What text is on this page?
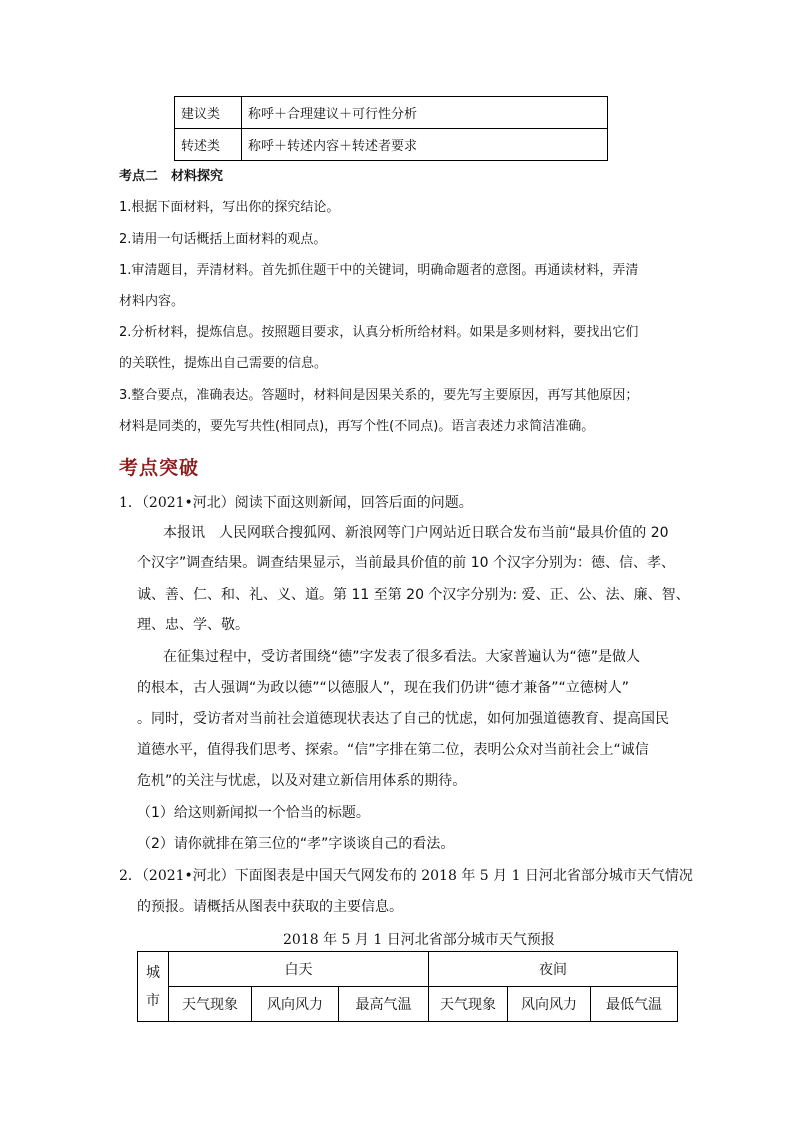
建议类	称呼＋合理建议＋可行性分析
转述类	称呼＋转述内容＋转述者要求
考点二　材料探究
1.根据下面材料，写出你的探究结论。
2.请用一句话概括上面材料的观点。
1.审清题目，弄清材料。首先抓住题干中的关键词，明确命题者的意图。再通读材料，弄清
材料内容。
2.分析材料，提炼信息。按照题目要求，认真分析所给材料。如果是多则材料，要找出它们
的关联性，提炼出自己需要的信息。
3.整合要点，准确表达。答题时，材料间是因果关系的，要先写主要原因，再写其他原因；
材料是同类的，要先写共性(相同点)，再写个性(不同点)。语言表述力求简洁准确。
考点突破
1．（2021•河北）阅读下面这则新闻，回答后面的问题。
本报讯　人民网联合搜狐网、新浪网等门户网站近日联合发布当前“最具价值的 20
个汉字”调查结果。调查结果显示，当前最具价值的前 10 个汉字分别为：德、信、孝、
诚、善、仁、和、礼、义、道。第 11 至第 20 个汉字分别为: 爱、正、公、法、廉、智、
理、忠、学、敬。
在征集过程中，受访者围绕“德”字发表了很多看法。大家普遍认为“德”是做人
的根本，古人强调“为政以德”“以德服人”，现在我们仍讲“德才兼备”“立德树人”
。同时，受访者对当前社会道德现状表达了自己的忧虑，如何加强道德教育、提高国民
道德水平，值得我们思考、探索。“信”字排在第二位，表明公众对当前社会上“诚信
危机”的关注与忧虑，以及对建立新信用体系的期待。
（1）给这则新闻拟一个恰当的标题。
（2）请你就排在第三位的“孝”字谈谈自己的看法。
2．（2021•河北）下面图表是中国天气网发布的 2018 年 5 月 1 日河北省部分城市天气情况
的预报。请概括从图表中获取的主要信息。
2018 年 5 月 1 日河北省部分城市天气预报
城市	白天			夜间		
	天气现象	风向风力	最高气温	天气现象	风向风力	最低气温
